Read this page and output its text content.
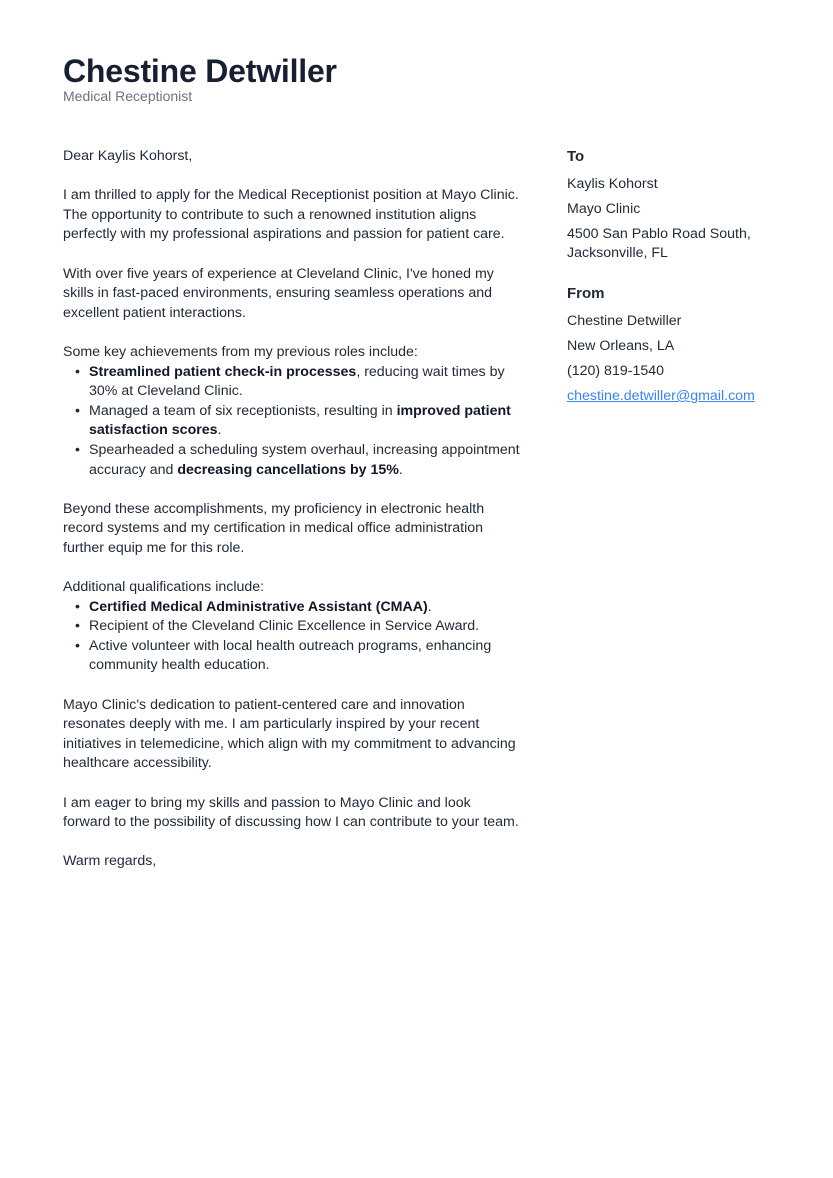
Chestine Detwiller
Medical Receptionist

Dear Kaylis Kohorst,

I am thrilled to apply for the Medical Receptionist position at Mayo Clinic. The opportunity to contribute to such a renowned institution aligns perfectly with my professional aspirations and passion for patient care.

With over five years of experience at Cleveland Clinic, I've honed my skills in fast-paced environments, ensuring seamless operations and excellent patient interactions.

Some key achievements from my previous roles include:
• Streamlined patient check-in processes, reducing wait times by 30% at Cleveland Clinic.
• Managed a team of six receptionists, resulting in improved patient satisfaction scores.
• Spearheaded a scheduling system overhaul, increasing appointment accuracy and decreasing cancellations by 15%.

Beyond these accomplishments, my proficiency in electronic health record systems and my certification in medical office administration further equip me for this role.

Additional qualifications include:
• Certified Medical Administrative Assistant (CMAA).
• Recipient of the Cleveland Clinic Excellence in Service Award.
• Active volunteer with local health outreach programs, enhancing community health education.

Mayo Clinic's dedication to patient-centered care and innovation resonates deeply with me. I am particularly inspired by your recent initiatives in telemedicine, which align with my commitment to advancing healthcare accessibility.

I am eager to bring my skills and passion to Mayo Clinic and look forward to the possibility of discussing how I can contribute to your team.

Warm regards,

To
Kaylis Kohorst
Mayo Clinic
4500 San Pablo Road South, Jacksonville, FL
From
Chestine Detwiller
New Orleans, LA
(120) 819-1540
chestine.detwiller@gmail.com
